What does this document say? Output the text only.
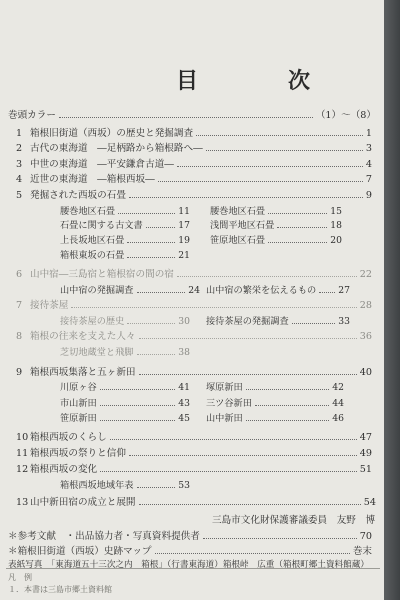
目　次
巻頭カラー	（1）〜（8）
1 箱根旧街道（西坂）の歴史と発掘調査	1
2 古代の東海道　―足柄路から箱根路へ―	3
3 中世の東海道　―平安鎌倉古道―	4
4 近世の東海道　―箱根西坂―	7
5 発掘された西坂の石畳	9
腰巻地区石畳	11 腰巻地区石畳	15
石畳に関する古文書	17 浅間平地区石畳	18
上長坂地区石畳	19 笹原地区石畳	20
箱根東坂の石畳	21
6 山中宿―三島宿と箱根宿の間の宿	22
山中宿の発掘調査	24 山中宿の繁栄を伝えるもの 27
7 接待茶屋	28
接待茶屋の歴史	30 接待茶屋の発掘調査	33
8 箱根の往来を支えた人々	36
芝切地蔵堂と飛脚	38
9 箱根西坂集落と五ヶ新田	40
川原ヶ谷	41 塚原新田	42
市山新田	43 三ツ谷新田	44
笹原新田	45 山中新田	46
10 箱根西坂のくらし	47
11 箱根西坂の祭りと信仰	49
12 箱根西坂の変化	51
箱根西坂地域年表	53
13 山中新田宿の成立と展開	54
三島市文化財保護審議委員　友野　博
＊参考文献　・出品協力者・写真資料提供者	70
＊箱根旧街道（西坂）史跡マップ	巻末
表紙写真　「東海道五十三次之内　箱根」（行書東海道）箱根峠　広重（箱根町郷土資料館蔵）
凡　例
１．本書は三島市郷土資料館
